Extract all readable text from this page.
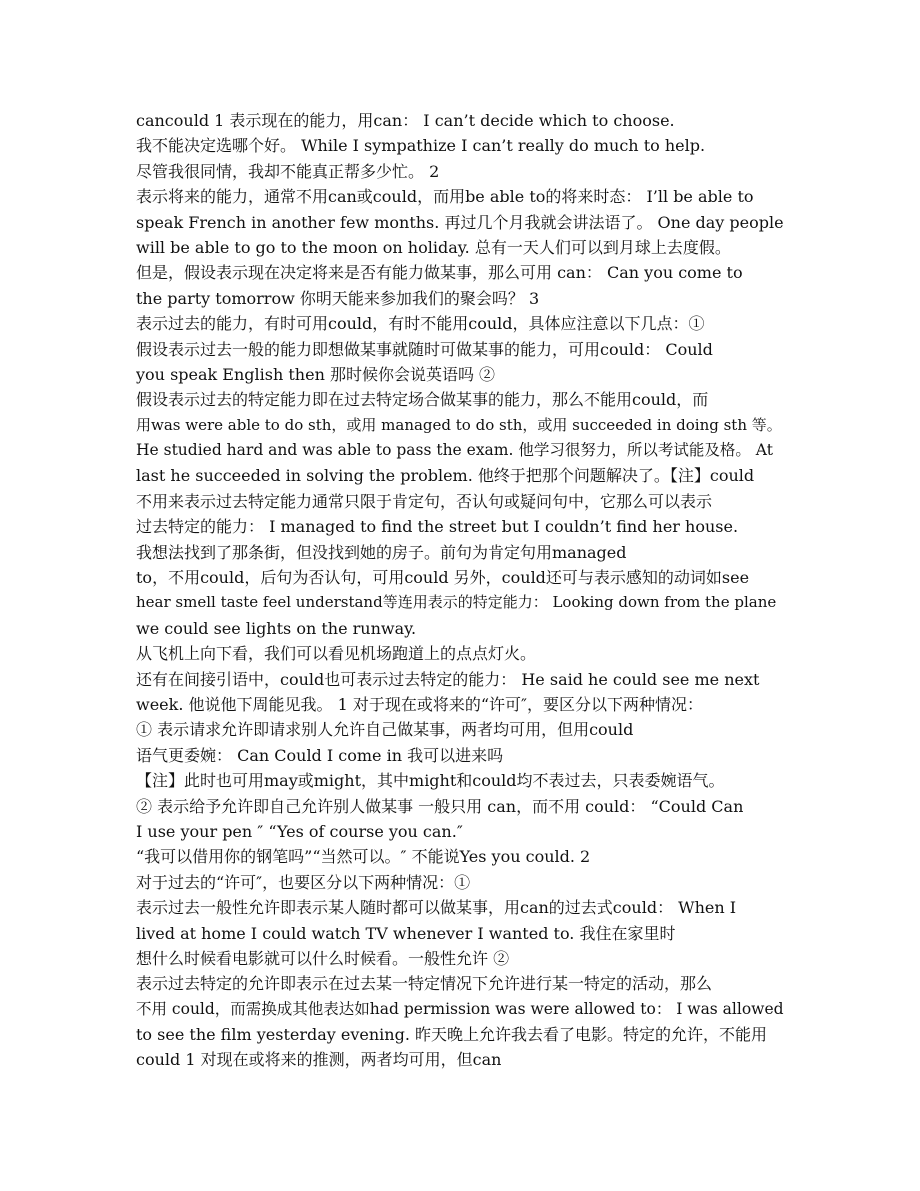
cancould 1 表示现在的能力，用can： I can’t decide which to choose.
我不能决定选哪个好。 While I sympathize I can’t really do much to help.
尽管我很同情，我却不能真正帮多少忙。 2
表示将来的能力，通常不用can或could，而用be able to的将来时态： I’ll be able to
speak French in another few months. 再过几个月我就会讲法语了。 One day people
will be able to go to the moon on holiday. 总有一天人们可以到月球上去度假。
但是，假设表示现在决定将来是否有能力做某事，那么可用 can： Can you come to
the party tomorrow 你明天能来参加我们的聚会吗？ 3
表示过去的能力，有时可用could，有时不能用could，具体应注意以下几点：①
假设表示过去一般的能力即想做某事就随时可做某事的能力，可用could： Could
you speak English then 那时候你会说英语吗 ②
假设表示过去的特定能力即在过去特定场合做某事的能力，那么不能用could，而
用was were able to do sth，或用 managed to do sth，或用 succeeded in doing sth 等。
He studied hard and was able to pass the exam. 他学习很努力，所以考试能及格。 At
last he succeeded in solving the problem. 他终于把那个问题解决了。【注】could
不用来表示过去特定能力通常只限于肯定句，否认句或疑问句中，它那么可以表示
过去特定的能力： I managed to find the street but I couldn’t find her house.
我想法找到了那条街，但没找到她的房子。前句为肯定句用managed
to，不用could，后句为否认句，可用could 另外，could还可与表示感知的动词如see
hear smell taste feel understand等连用表示的特定能力： Looking down from the plane
we could see lights on the runway.
从飞机上向下看，我们可以看见机场跑道上的点点灯火。
还有在间接引语中，could也可表示过去特定的能力： He said he could see me next
week. 他说他下周能见我。 1 对于现在或将来的“许可″，要区分以下两种情况：
① 表示请求允许即请求别人允许自己做某事，两者均可用，但用could
语气更委婉： Can Could I come in 我可以进来吗
【注】此时也可用may或might，其中might和could均不表过去，只表委婉语气。
② 表示给予允许即自己允许别人做某事 一般只用 can，而不用 could： “Could Can
I use your pen ″ “Yes of course you can.″
“我可以借用你的钢笔吗”“当然可以。″ 不能说Yes you could. 2
对于过去的“许可″，也要区分以下两种情况：①
表示过去一般性允许即表示某人随时都可以做某事，用can的过去式could： When I
lived at home I could watch TV whenever I wanted to. 我住在家里时
想什么时候看电影就可以什么时候看。一般性允许 ②
表示过去特定的允许即表示在过去某一特定情况下允许进行某一特定的活动，那么
不用 could，而需换成其他表达如had permission was were allowed to： I was allowed
to see the film yesterday evening. 昨天晚上允许我去看了电影。特定的允许，不能用
could 1 对现在或将来的推测，两者均可用，但can
